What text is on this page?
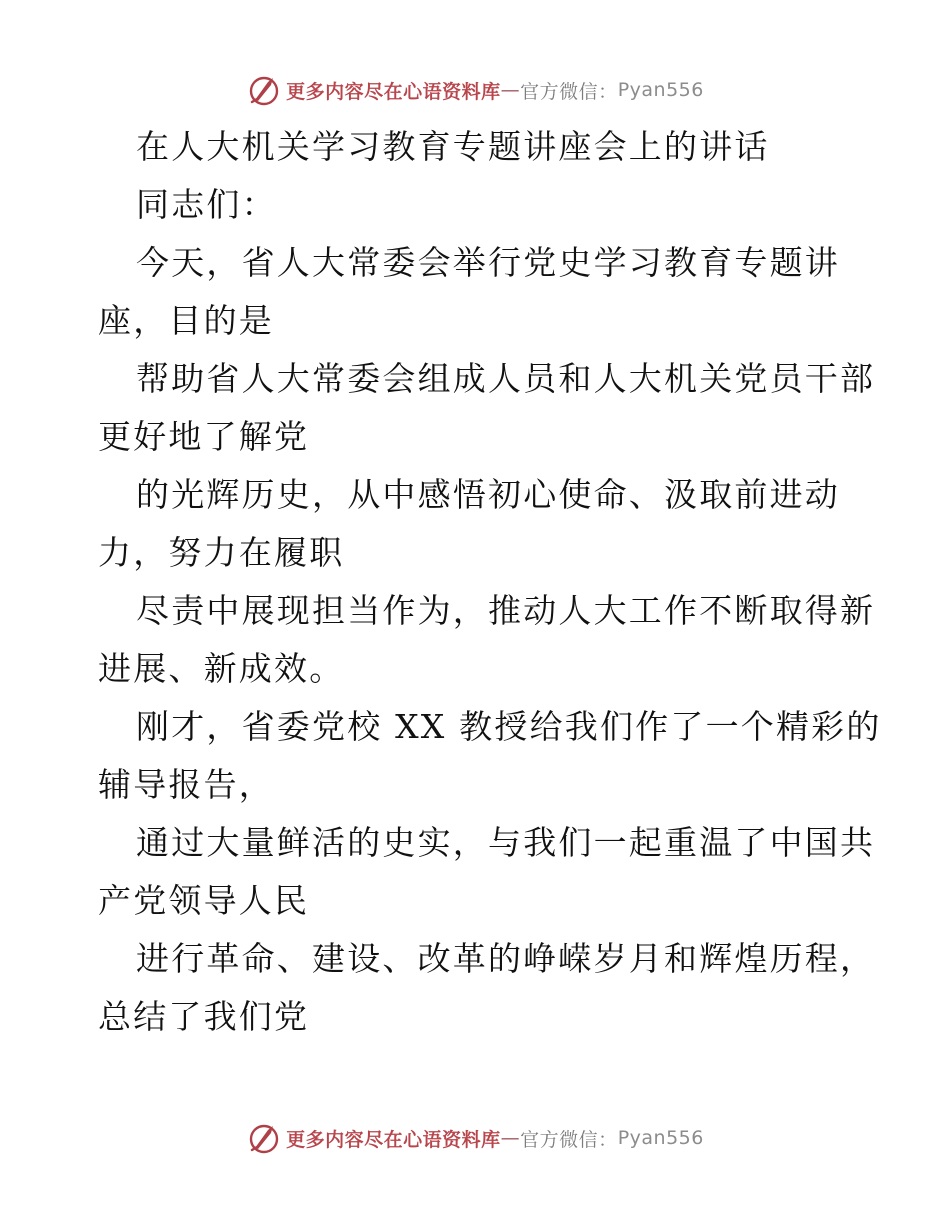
更多内容尽在心语资料库 — 官方微信： Pyan556
在人大机关学习教育专题讲座会上的讲话
同志们：
今天，省人大常委会举行党史学习教育专题讲
座，目的是
帮助省人大常委会组成人员和人大机关党员干部
更好地了解党
的光辉历史，从中感悟初心使命、汲取前进动
力，努力在履职
尽责中展现担当作为，推动人大工作不断取得新
进展、新成效。
刚才，省委党校 XX 教授给我们作了一个精彩的
辅导报告，
通过大量鲜活的史实，与我们一起重温了中国共
产党领导人民
进行革命、建设、改革的峥嵘岁月和辉煌历程，
总结了我们党
更多内容尽在心语资料库 — 官方微信： Pyan556
